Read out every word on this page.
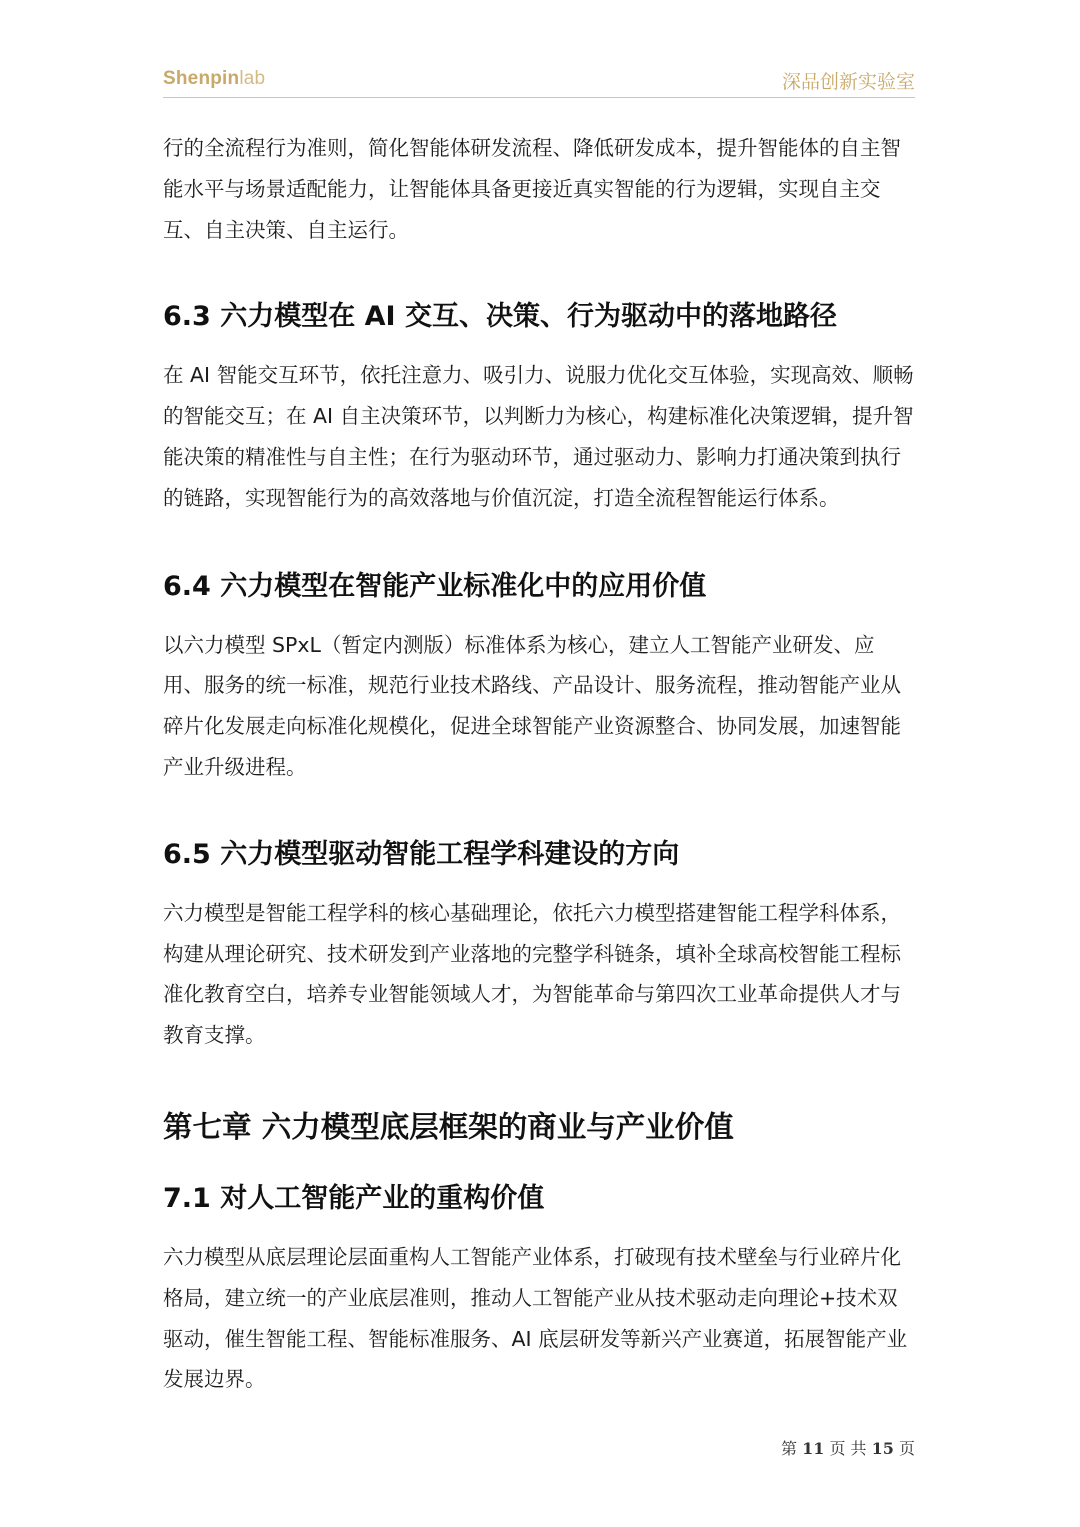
Shenpinlab	深品创新实验室

行的全流程行为准则，简化智能体研发流程、降低研发成本，提升智能体的自主智能水平与场景适配能力，让智能体具备更接近真实智能的行为逻辑，实现自主交互、自主决策、自主运行。

6.3 六力模型在 AI 交互、决策、行为驱动中的落地路径

在 AI 智能交互环节，依托注意力、吸引力、说服力优化交互体验，实现高效、顺畅的智能交互；在 AI 自主决策环节，以判断力为核心，构建标准化决策逻辑，提升智能决策的精准性与自主性；在行为驱动环节，通过驱动力、影响力打通决策到执行的链路，实现智能行为的高效落地与价值沉淀，打造全流程智能运行体系。

6.4 六力模型在智能产业标准化中的应用价值

以六力模型 SPxL（暂定内测版）标准体系为核心，建立人工智能产业研发、应用、服务的统一标准，规范行业技术路线、产品设计、服务流程，推动智能产业从碎片化发展走向标准化规模化，促进全球智能产业资源整合、协同发展，加速智能产业升级进程。

6.5 六力模型驱动智能工程学科建设的方向

六力模型是智能工程学科的核心基础理论，依托六力模型搭建智能工程学科体系，构建从理论研究、技术研发到产业落地的完整学科链条，填补全球高校智能工程标准化教育空白，培养专业智能领域人才，为智能革命与第四次工业革命提供人才与教育支撑。

第七章 六力模型底层框架的商业与产业价值
7.1 对人工智能产业的重构价值

六力模型从底层理论层面重构人工智能产业体系，打破现有技术壁垒与行业碎片化格局，建立统一的产业底层准则，推动人工智能产业从技术驱动走向理论+技术双驱动，催生智能工程、智能标准服务、AI 底层研发等新兴产业赛道，拓展智能产业发展边界。

第 11 页 共 15 页
